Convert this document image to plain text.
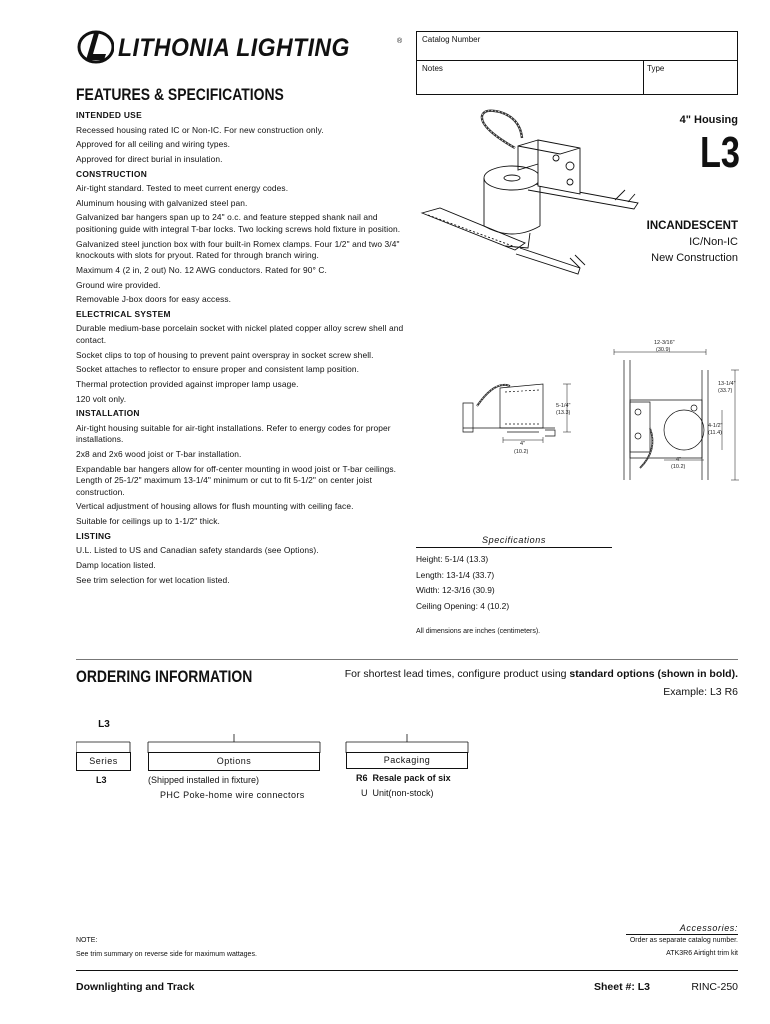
LITHONIA LIGHTING	® Catalog Number
Notes	Type
FEATURES & SPECIFICATIONS
INTENDED USE
Recessed housing rated IC or Non-IC. For new construction only.
Approved for all ceiling and wiring types.
Approved for direct burial in insulation.
CONSTRUCTION
Air-tight standard. Tested to meet current energy codes.
Aluminum housing with galvanized steel pan.
Galvanized bar hangers span up to 24" o.c. and feature stepped shank nail and positioning guide with integral T-bar locks. Two locking screws hold fixture in position.
Galvanized steel junction box with four built-in Romex clamps. Four 1/2" and two 3/4" knockouts with slots for pryout. Rated for through branch wiring.
Maximum 4 (2 in, 2 out) No. 12 AWG conductors. Rated for 90° C.
Ground wire provided.
Removable J-box doors for easy access.
ELECTRICAL SYSTEM
Durable medium-base porcelain socket with nickel plated copper alloy screw shell and contact.
Socket clips to top of housing to prevent paint overspray in socket screw shell.
Socket attaches to reflector to ensure proper and consistent lamp position.
Thermal protection provided against improper lamp usage.
120 volt only.
INSTALLATION
Air-tight housing suitable for air-tight installations. Refer to energy codes for proper installations.
2x8 and 2x6 wood joist or T-bar installation.
Expandable bar hangers allow for off-center mounting in wood joist or T-bar ceilings. Length of 25-1/2" maximum 13-1/4" minimum or cut to fit 5-1/2" on center joist construction.
Vertical adjustment of housing allows for flush mounting with ceiling face.
Suitable for ceilings up to 1-1/2" thick.
LISTING
U.L. Listed to US and Canadian safety standards (see Options).
Damp location listed.
See trim selection for wet location listed.
4" Housing
L3
INCANDESCENT
IC/Non-IC
New Construction
5-1/4"
(13.3)
4"
(10.2)
12-3/16"
(30.9)
13-1/4"
(33.7)
4-1/2"
(11.4)
4"
(10.2)
Specifications
Height: 5-1/4 (13.3)
Length: 13-1/4 (33.7)
Width: 12-3/16 (30.9)
Ceiling Opening: 4 (10.2)
All dimensions are inches (centimeters).
ORDERING INFORMATION	For shortest lead times, configure product using standard options (shown in bold).
Example: L3 R6
L3
Series
L3
Options
(Shipped installed in fixture)
PHC Poke-home wire connectors
Packaging
R6 Resale pack of six
U Unit(non-stock)
Accessories:
Order as separate catalog number.
ATK3R6 Airtight trim kit
NOTE:
See trim summary on reverse side for maximum wattages.
Downlighting and Track	Sheet #: L3	RINC-250
